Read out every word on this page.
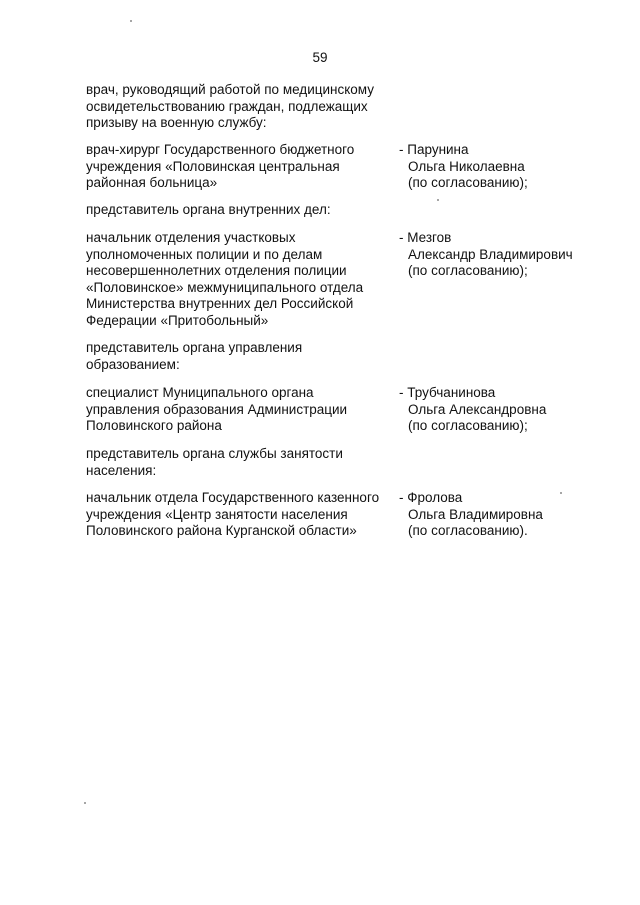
59
врач, руководящий работой по медицинскому
освидетельствованию граждан, подлежащих
призыву на военную службу:
врач-хирург Государственного бюджетного
учреждения «Половинская центральная
районная больница»
- Парунина
Ольга Николаевна
(по согласованию);
представитель органа внутренних дел:
начальник отделения участковых
уполномоченных полиции и по делам
несовершеннолетних отделения полиции
«Половинское» межмуниципального отдела
Министерства внутренних дел Российской
Федерации «Притобольный»
- Мезгов
Александр Владимирович
(по согласованию);
представитель органа управления
образованием:
специалист Муниципального органа
управления образования Администрации
Половинского района
- Трубчанинова
Ольга Александровна
(по согласованию);
представитель органа службы занятости
населения:
начальник отдела Государственного казенного
учреждения «Центр занятости населения
Половинского района Курганской области»
- Фролова
Ольга Владимировна
(по согласованию).
